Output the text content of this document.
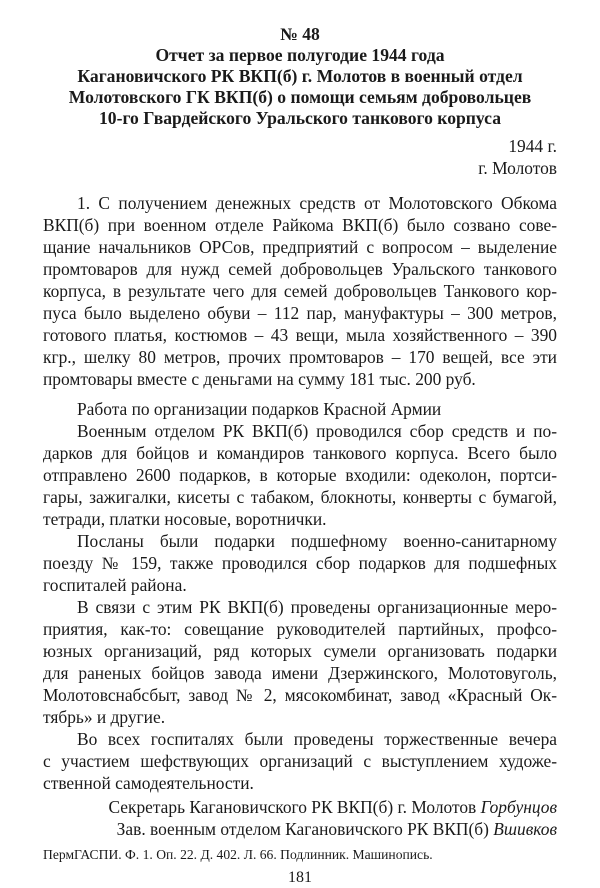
№ 48
Отчет за первое полугодие 1944 года
Кагановичского РК ВКП(б) г. Молотов в военный отдел
Молотовского ГК ВКП(б) о помощи семьям добровольцев
10-го Гвардейского Уральского танкового корпуса
1944 г.
г. Молотов
1. С получением денежных средств от Молотовского Обкома
ВКП(б) при военном отделе Райкома ВКП(б) было созвано сове-
щание начальников ОРСов, предприятий с вопросом – выделение
промтоваров для нужд семей добровольцев Уральского танкового
корпуса, в результате чего для семей добровольцев Танкового кор-
пуса было выделено обуви – 112 пар, мануфактуры – 300 метров,
готового платья, костюмов – 43 вещи, мыла хозяйственного – 390
кгр., шелку 80 метров, прочих промтоваров – 170 вещей, все эти
промтовары вместе с деньгами на сумму 181 тыс. 200 руб.
Работа по организации подарков Красной Армии
Военным отделом РК ВКП(б) проводился сбор средств и по-
дарков для бойцов и командиров танкового корпуса. Всего было
отправлено 2600 подарков, в которые входили: одеколон, портси-
гары, зажигалки, кисеты с табаком, блокноты, конверты с бумагой,
тетради, платки носовые, воротнички.
Посланы были подарки подшефному военно-санитарному
поезду № 159, также проводился сбор подарков для подшефных
госпиталей района.
В связи с этим РК ВКП(б) проведены организационные меро-
приятия, как-то: совещание руководителей партийных, профсо-
юзных организаций, ряд которых сумели организовать подарки
для раненых бойцов завода имени Дзержинского, Молотовуголь,
Молотовснабсбыт, завод № 2, мясокомбинат, завод «Красный Ок-
тябрь» и другие.
Во всех госпиталях были проведены торжественные вечера
с участием шефствующих организаций с выступлением художе-
ственной самодеятельности.
Секретарь Кагановичского РК ВКП(б) г. Молотов Горбунцов
Зав. военным отделом Кагановичского РК ВКП(б) Вшивков
ПермГАСПИ. Ф. 1. Оп. 22. Д. 402. Л. 66. Подлинник. Машинопись.
181
